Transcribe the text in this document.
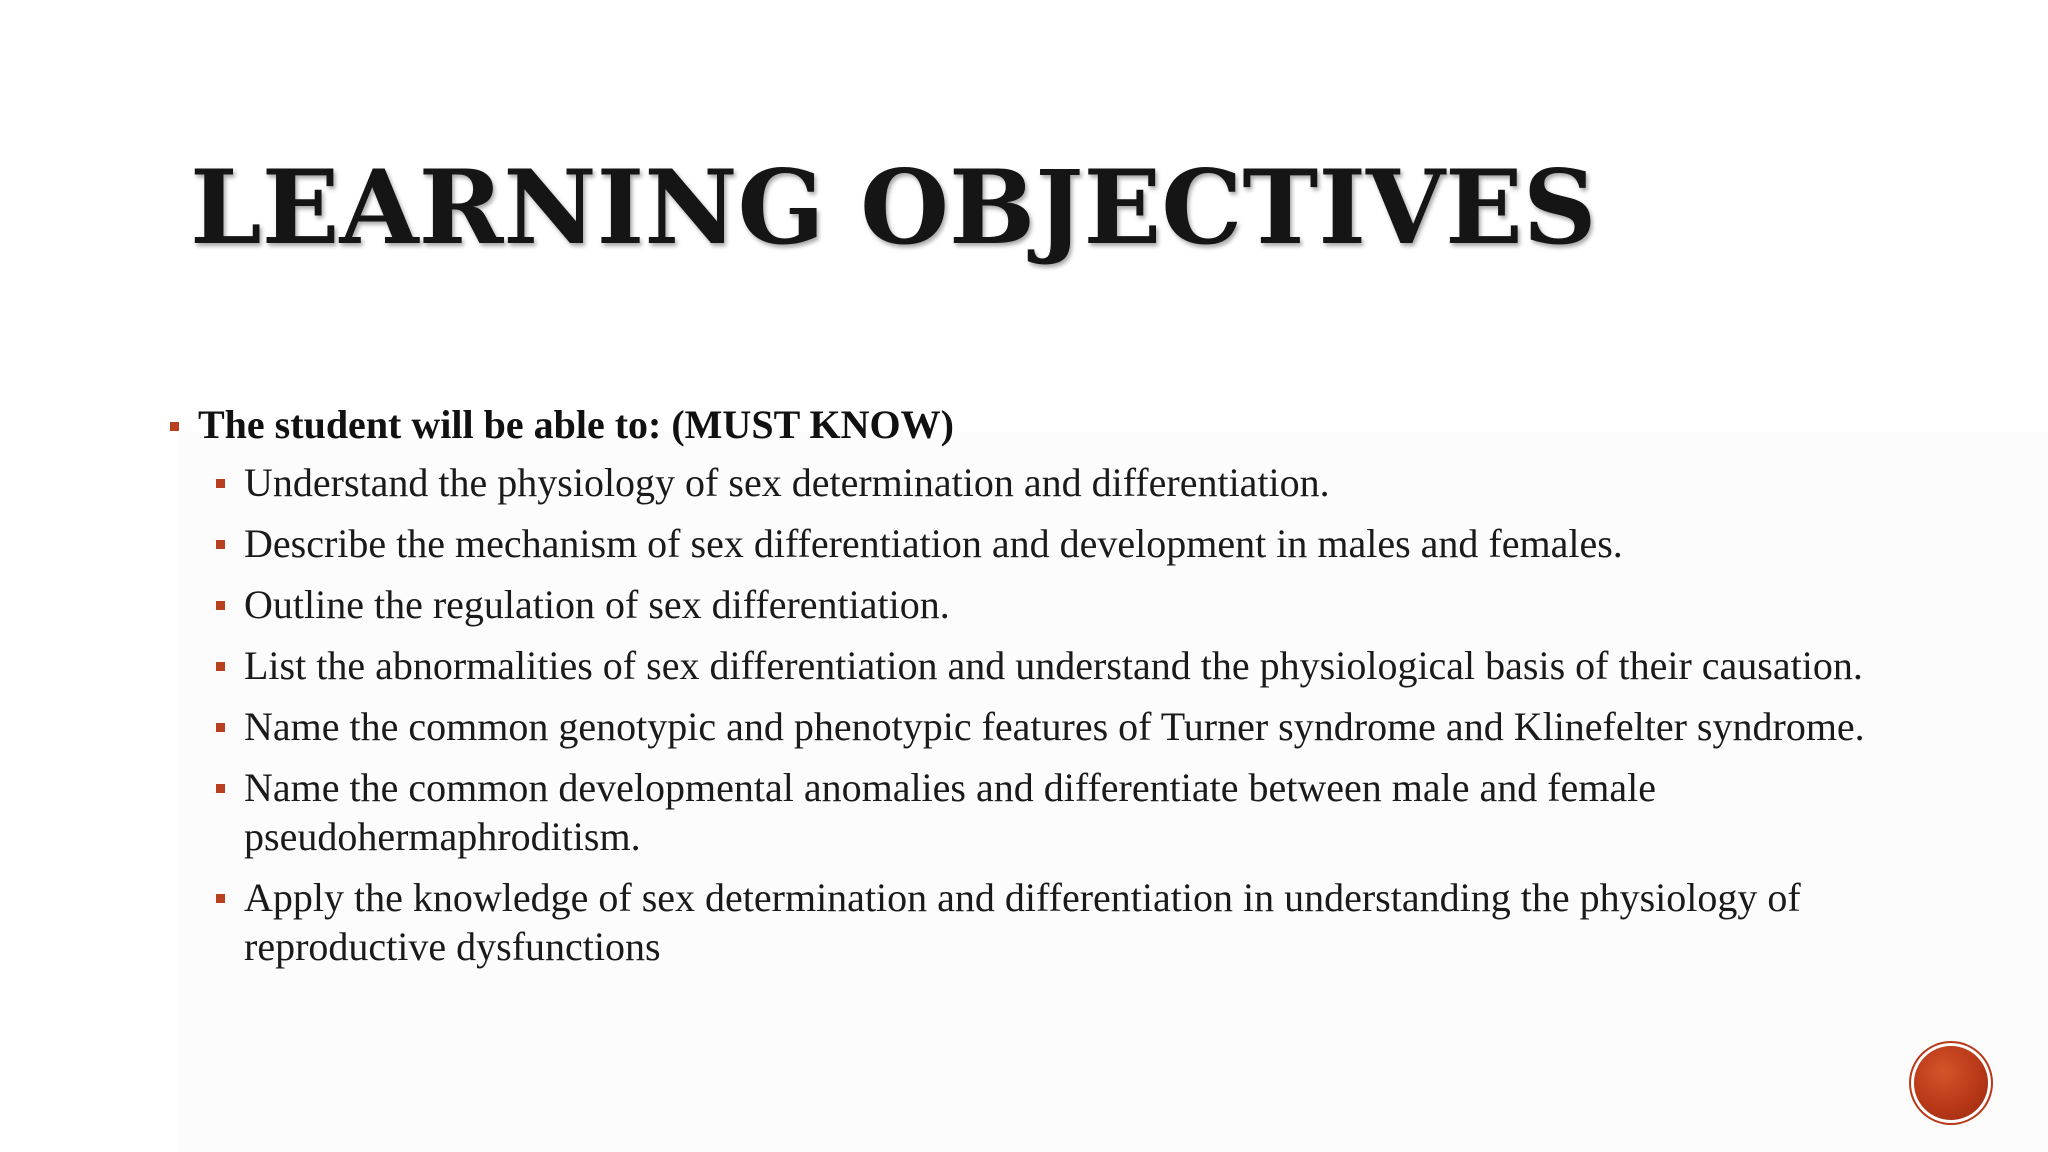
LEARNING OBJECTIVES
The student will be able to: (MUST KNOW)
Understand the physiology of sex determination and differentiation.
Describe the mechanism of sex differentiation and development in males and females.
Outline the regulation of sex differentiation.
List the abnormalities of sex differentiation and understand the physiological basis of their causation.
Name the common genotypic and phenotypic features of Turner syndrome and Klinefelter syndrome.
Name the common developmental anomalies and differentiate between male and female pseudohermaphroditism.
Apply the knowledge of sex determination and differentiation in understanding the physiology of reproductive dysfunctions
